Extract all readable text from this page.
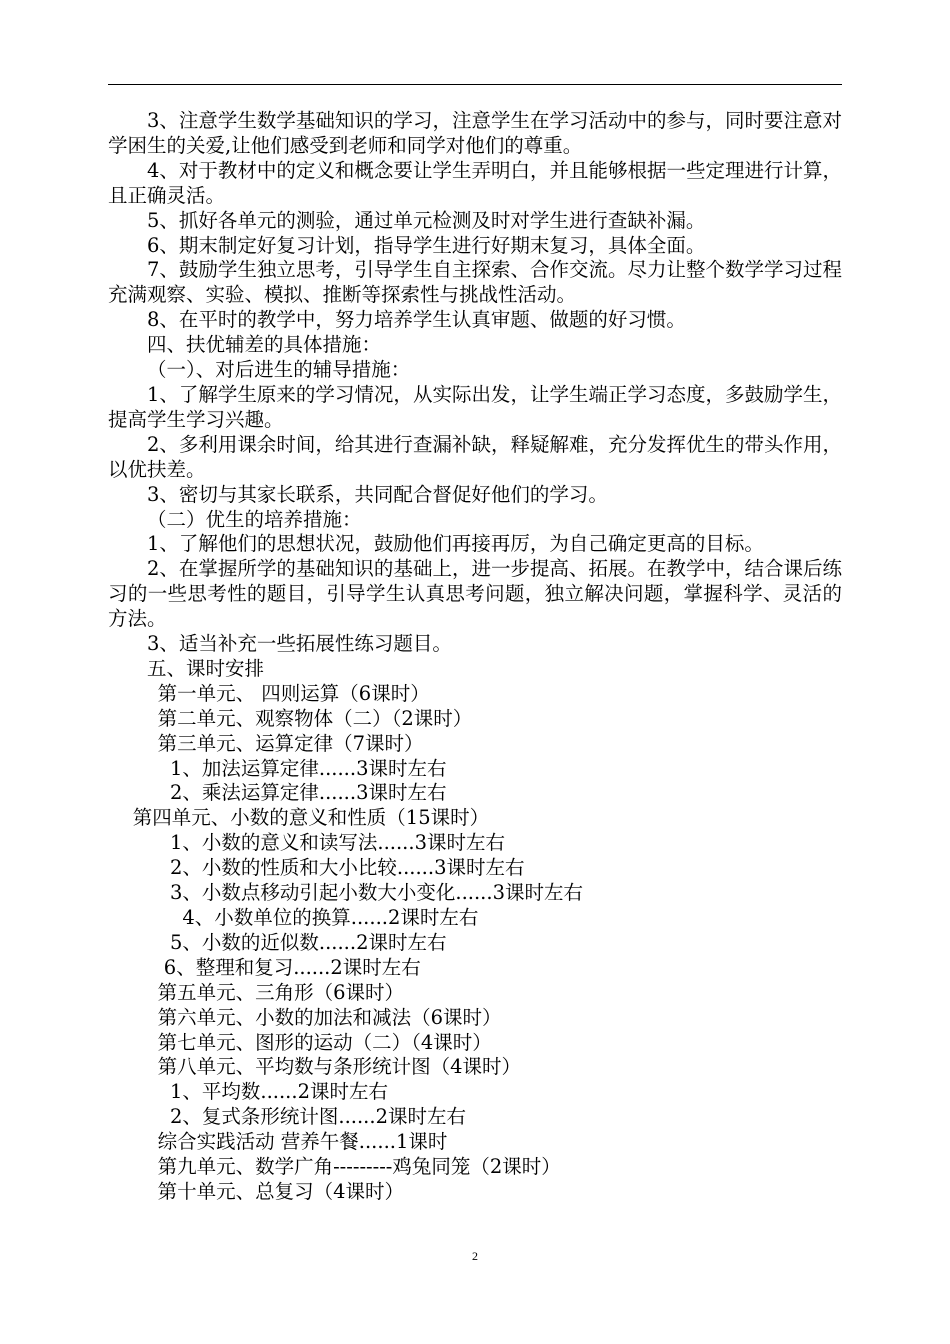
3、注意学生数学基础知识的学习，注意学生在学习活动中的参与，同时要注意对学困生的关爱,让他们感受到老师和同学对他们的尊重。

4、对于教材中的定义和概念要让学生弄明白，并且能够根据一些定理进行计算，且正确灵活。

5、抓好各单元的测验，通过单元检测及时对学生进行查缺补漏。

6、期末制定好复习计划，指导学生进行好期末复习，具体全面。

7、鼓励学生独立思考，引导学生自主探索、合作交流。尽力让整个数学学习过程充满观察、实验、模拟、推断等探索性与挑战性活动。

8、在平时的教学中，努力培养学生认真审题、做题的好习惯。

四、扶优辅差的具体措施：

（一）、对后进生的辅导措施：

1、了解学生原来的学习情况，从实际出发，让学生端正学习态度，多鼓励学生，提高学生学习兴趣。

2、多利用课余时间，给其进行查漏补缺，释疑解难，充分发挥优生的带头作用，以优扶差。

3、密切与其家长联系，共同配合督促好他们的学习。

（二）优生的培养措施：

1、了解他们的思想状况，鼓励他们再接再厉，为自己确定更高的目标。

2、在掌握所学的基础知识的基础上，进一步提高、拓展。在教学中，结合课后练习的一些思考性的题目，引导学生认真思考问题，独立解决问题，掌握科学、灵活的方法。

3、适当补充一些拓展性练习题目。

五、课时安排

第一单元、 四则运算（6课时）

第二单元、观察物体（二）（2课时）

第三单元、运算定律（7课时）

1、加法运算定律......3课时左右

2、乘法运算定律......3课时左右

第四单元、小数的意义和性质（15课时）

1、小数的意义和读写法......3课时左右

2、小数的性质和大小比较......3课时左右

3、小数点移动引起小数大小变化......3课时左右

4、小数单位的换算......2课时左右

5、小数的近似数......2课时左右

6、整理和复习......2课时左右

第五单元、三角形（6课时）

第六单元、小数的加法和减法（6课时）

第七单元、图形的运动（二）（4课时）

第八单元、平均数与条形统计图（4课时）

1、平均数......2课时左右

2、复式条形统计图......2课时左右

综合实践活动 营养午餐......1课时

第九单元、数学广角---------鸡兔同笼（2课时）

第十单元、总复习（4课时）

2
